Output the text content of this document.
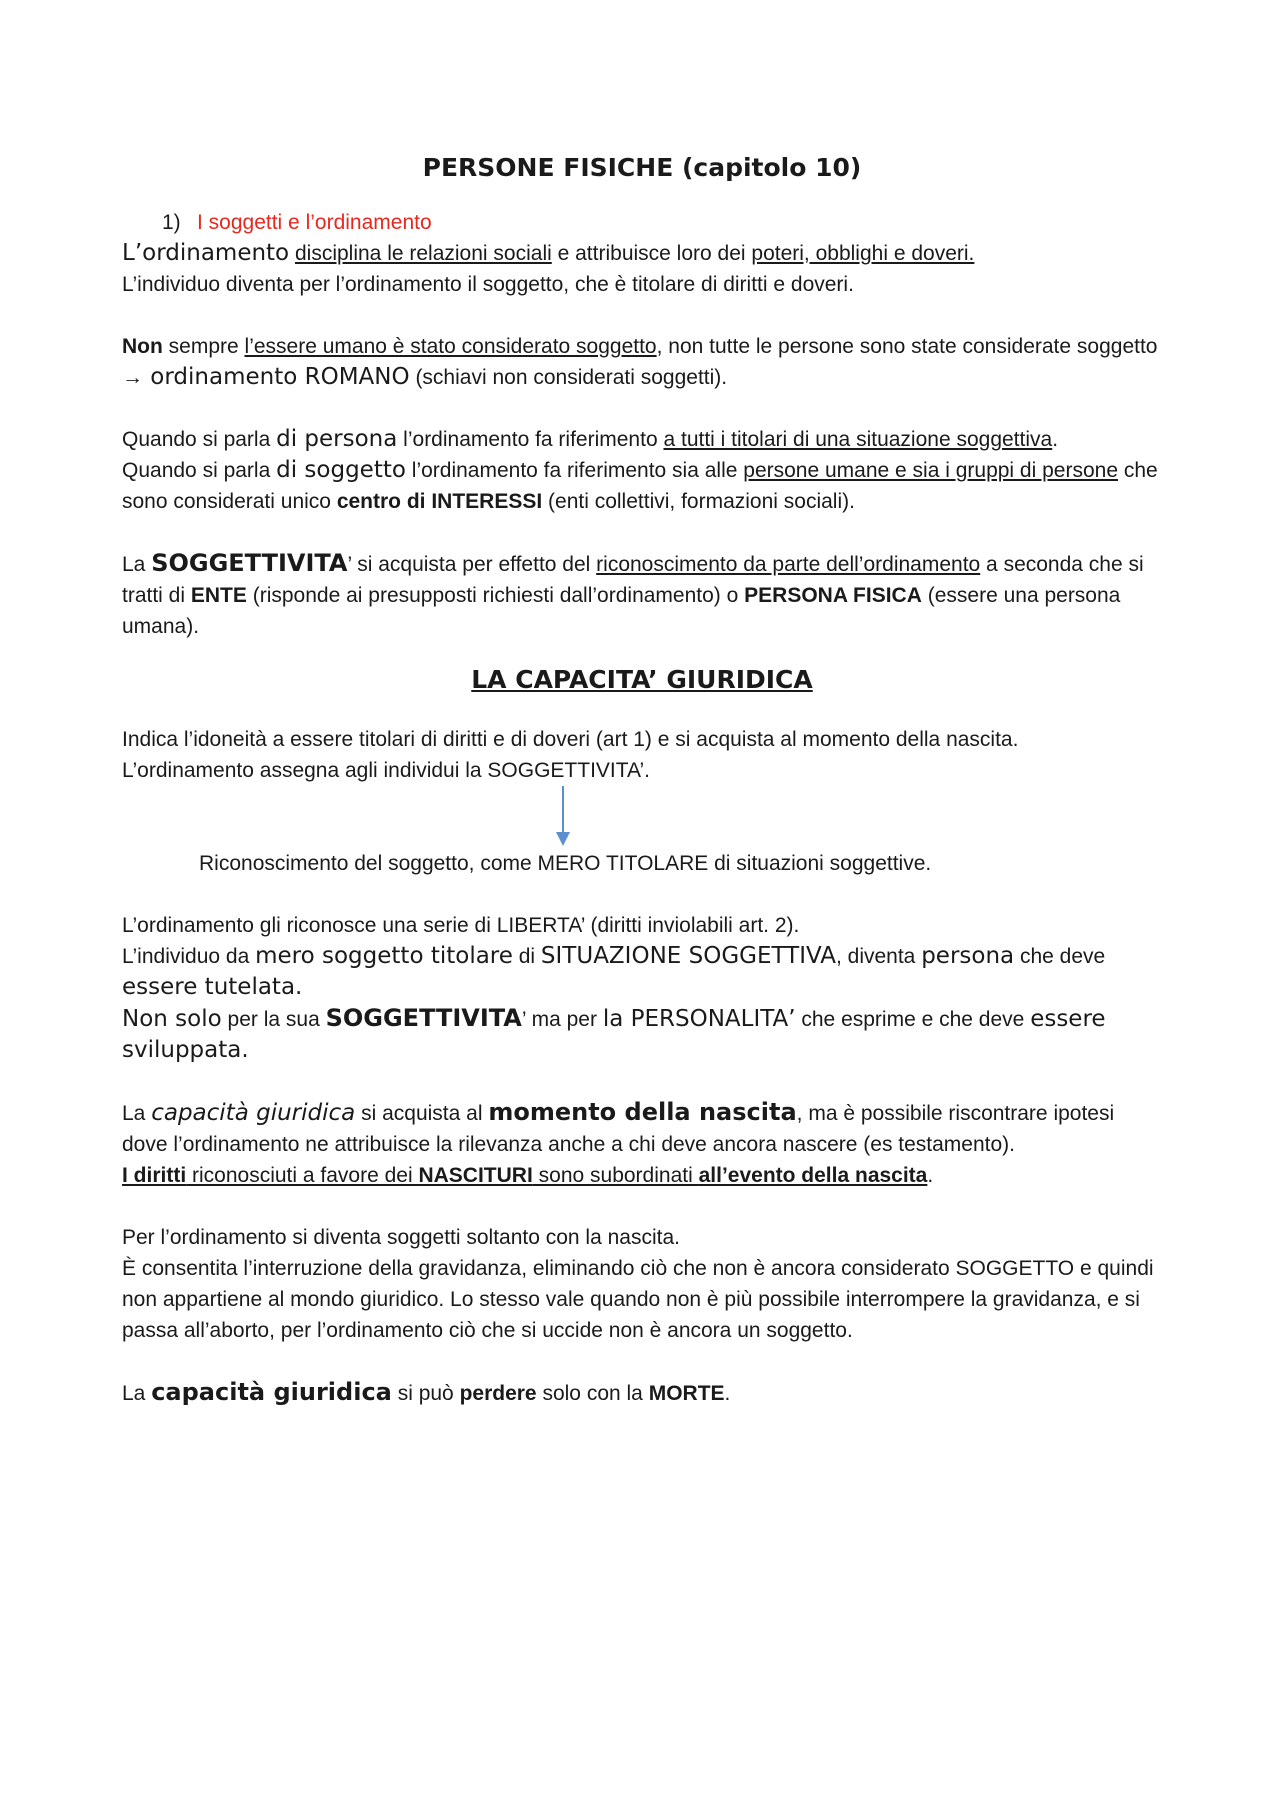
PERSONE FISICHE (capitolo 10)
1) I soggetti e l’ordinamento

L’ordinamento disciplina le relazioni sociali e attribuisce loro dei poteri, obblighi e doveri.

L’individuo diventa per l’ordinamento il soggetto, che è titolare di diritti e doveri.

Non sempre l’essere umano è stato considerato soggetto, non tutte le persone sono state considerate soggetto → ordinamento ROMANO (schiavi non considerati soggetti).

Quando si parla di persona l’ordinamento fa riferimento a tutti i titolari di una situazione soggettiva.

Quando si parla di soggetto l’ordinamento fa riferimento sia alle persone umane e sia i gruppi di persone che sono considerati unico centro di INTERESSI (enti collettivi, formazioni sociali).

La SOGGETTIVITA’ si acquista per effetto del riconoscimento da parte dell’ordinamento a seconda che si tratti di ENTE (risponde ai presupposti richiesti dall’ordinamento) o PERSONA FISICA (essere una persona umana).

LA CAPACITA’ GIURIDICA

Indica l’idoneità a essere titolari di diritti e di doveri (art 1) e si acquista al momento della nascita.

L’ordinamento assegna agli individui la SOGGETTIVITA’.

Riconoscimento del soggetto, come MERO TITOLARE di situazioni soggettive.

L’ordinamento gli riconosce una serie di LIBERTA’ (diritti inviolabili art. 2).

L’individuo da mero soggetto titolare di SITUAZIONE SOGGETTIVA, diventa persona che deve essere tutelata.

Non solo per la sua SOGGETTIVITA’ ma per la PERSONALITA’ che esprime e che deve essere sviluppata.

La capacità giuridica si acquista al momento della nascita, ma è possibile riscontrare ipotesi dove l’ordinamento ne attribuisce la rilevanza anche a chi deve ancora nascere (es testamento).

I diritti riconosciuti a favore dei NASCITURI sono subordinati all’evento della nascita.

Per l’ordinamento si diventa soggetti soltanto con la nascita.

È consentita l’interruzione della gravidanza, eliminando ciò che non è ancora considerato SOGGETTO e quindi non appartiene al mondo giuridico. Lo stesso vale quando non è più possibile interrompere la gravidanza, e si passa all’aborto, per l’ordinamento ciò che si uccide non è ancora un soggetto.

La capacità giuridica si può perdere solo con la MORTE.
